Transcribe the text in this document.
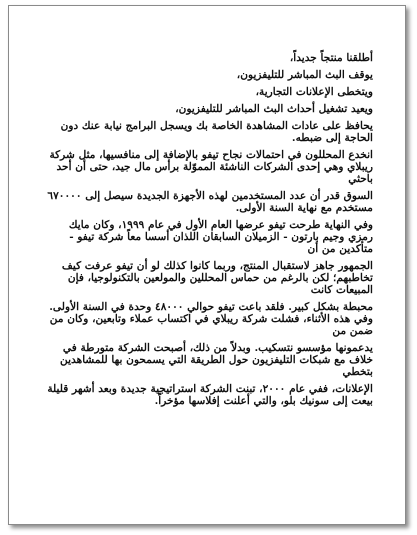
أطلقنا منتجاً جديداً،

يوقف البث المباشر للتليفزيون،

ويتخطى الإعلانات التجارية،

ويعيد تشغيل أحداث البث المباشر للتليفزيون،

يحافظ على عادات المشاهدة الخاصة بك ويسجل البرامج نيابة عنك دون الحاجة إلى ضبطه.

انخدع المحللون في احتمالات نجاح تيفو بالإضافة إلى منافسيها، مثل شركة ريبلاي وهي إحدى الشركات الناشئة المموّلة برأس مال جيد، حتى أن أحد باحثي

السوق قدر أن عدد المستخدمين لهذه الأجهزة الجديدة سيصل إلى ٦٧٠٠٠٠ مستخدم مع نهاية السنة الأولى.

وفي النهاية طرحت تيفو عرضها العام الأول في عام ١٩٩٩، وكان مايك رمزي وجيم بارتون - الزميلان السابقان اللذان أسسا معاً شركة تيفو - متأكدين من أن

الجمهور جاهز لاستقبال المنتج، وربما كانوا كذلك لو أن تيفو عرفت كيف تخاطبهم؛ لكن بالرغم من حماس المحللين والمولعين بالتكنولوجيا، فإن المبيعات كانت

محبطة بشكل كبير. فلقد باعت تيفو حوالي ٤٨٠٠٠ وحدة في السنة الأولى. وفي هذه الأثناء، فشلت شركة ريبلاي في اكتساب عملاء وتابعين، وكان من ضمن من

يدعمونها مؤسسو نتسكيب. وبدلاً من ذلك، أصبحت الشركة متورطة في خلاف مع شبكات التليفزيون حول الطريقة التي يسمحون بها للمشاهدين بتخطي

الإعلانات، ففي عام ٢٠٠٠، تبنت الشركة استراتيجية جديدة وبعد أشهر قليلة بيعت إلى سونيك بلو، والتي أعلنت إفلاسها مؤخراً.
